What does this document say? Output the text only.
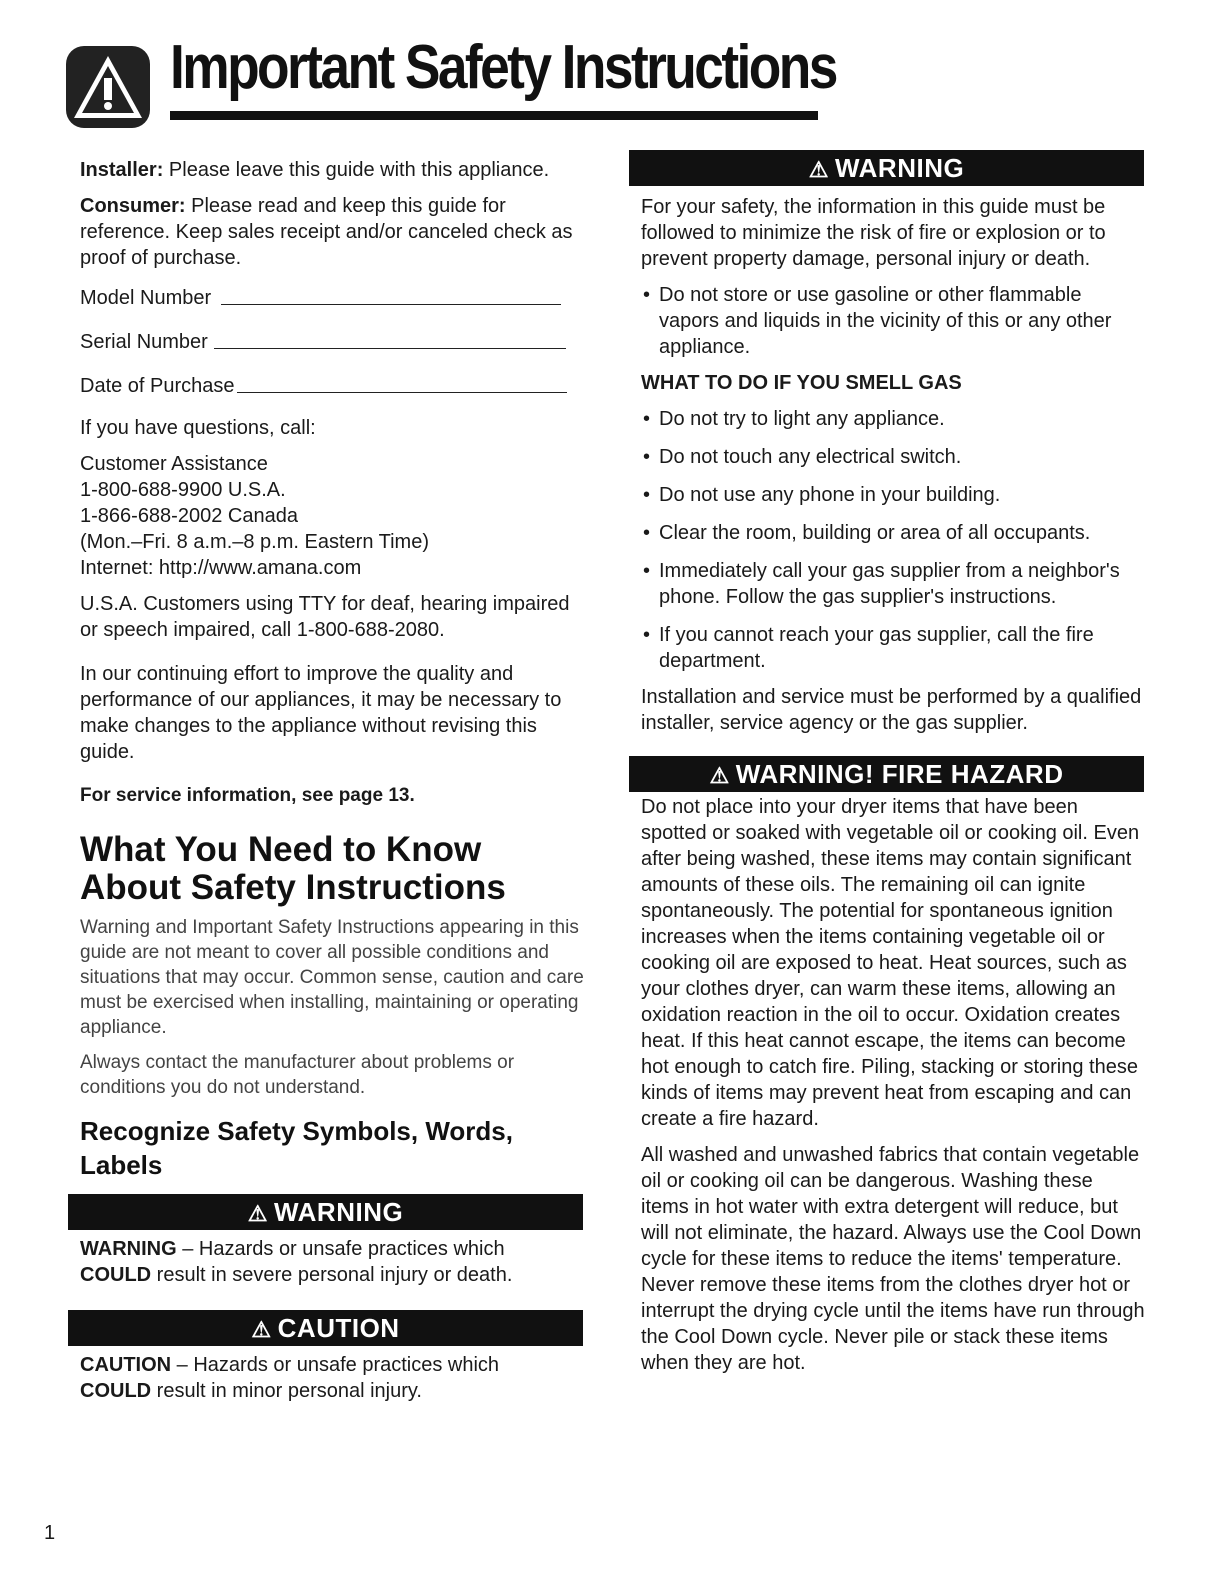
Important Safety Instructions

Installer: Please leave this guide with this appliance.

Consumer: Please read and keep this guide for reference. Keep sales receipt and/or canceled check as proof of purchase.

Model Number
Serial Number
Date of Purchase

If you have questions, call:

Customer Assistance

1-800-688-9900 U.S.A.

1-866-688-2002 Canada

(Mon.–Fri. 8 a.m.–8 p.m. Eastern Time)

Internet: http://www.amana.com

U.S.A. Customers using TTY for deaf, hearing impaired or speech impaired, call 1-800-688-2080.

In our continuing effort to improve the quality and performance of our appliances, it may be necessary to make changes to the appliance without revising this guide.

For service information, see page 13.

What You Need to Know About Safety Instructions

Warning and Important Safety Instructions appearing in this guide are not meant to cover all possible conditions and situations that may occur. Common sense, caution and care must be exercised when installing, maintaining or operating appliance.

Always contact the manufacturer about problems or conditions you do not understand.

Recognize Safety Symbols, Words, Labels
⚠ WARNING

WARNING – Hazards or unsafe practices which
COULD result in severe personal injury or death.

⚠ CAUTION

CAUTION – Hazards or unsafe practices which
COULD result in minor personal injury.

⚠ WARNING

For your safety, the information in this guide must be followed to minimize the risk of fire or explosion or to prevent property damage, personal injury or death.

• Do not store or use gasoline or other flammable vapors and liquids in the vicinity of this or any other appliance.

WHAT TO DO IF YOU SMELL GAS

• Do not try to light any appliance.
• Do not touch any electrical switch.
• Do not use any phone in your building.
• Clear the room, building or area of all occupants.
• Immediately call your gas supplier from a neighbor's phone. Follow the gas supplier's instructions.
• If you cannot reach your gas supplier, call the fire department.

Installation and service must be performed by a qualified installer, service agency or the gas supplier.

⚠ WARNING! FIRE HAZARD

Do not place into your dryer items that have been spotted or soaked with vegetable oil or cooking oil. Even after being washed, these items may contain significant amounts of these oils. The remaining oil can ignite spontaneously. The potential for spontaneous ignition increases when the items containing vegetable oil or cooking oil are exposed to heat. Heat sources, such as your clothes dryer, can warm these items, allowing an oxidation reaction in the oil to occur. Oxidation creates heat. If this heat cannot escape, the items can become hot enough to catch fire. Piling, stacking or storing these kinds of items may prevent heat from escaping and can create a fire hazard.

All washed and unwashed fabrics that contain vegetable oil or cooking oil can be dangerous. Washing these items in hot water with extra detergent will reduce, but will not eliminate, the hazard. Always use the Cool Down cycle for these items to reduce the items' temperature. Never remove these items from the clothes dryer hot or interrupt the drying cycle until the items have run through the Cool Down cycle. Never pile or stack these items when they are hot.

1
